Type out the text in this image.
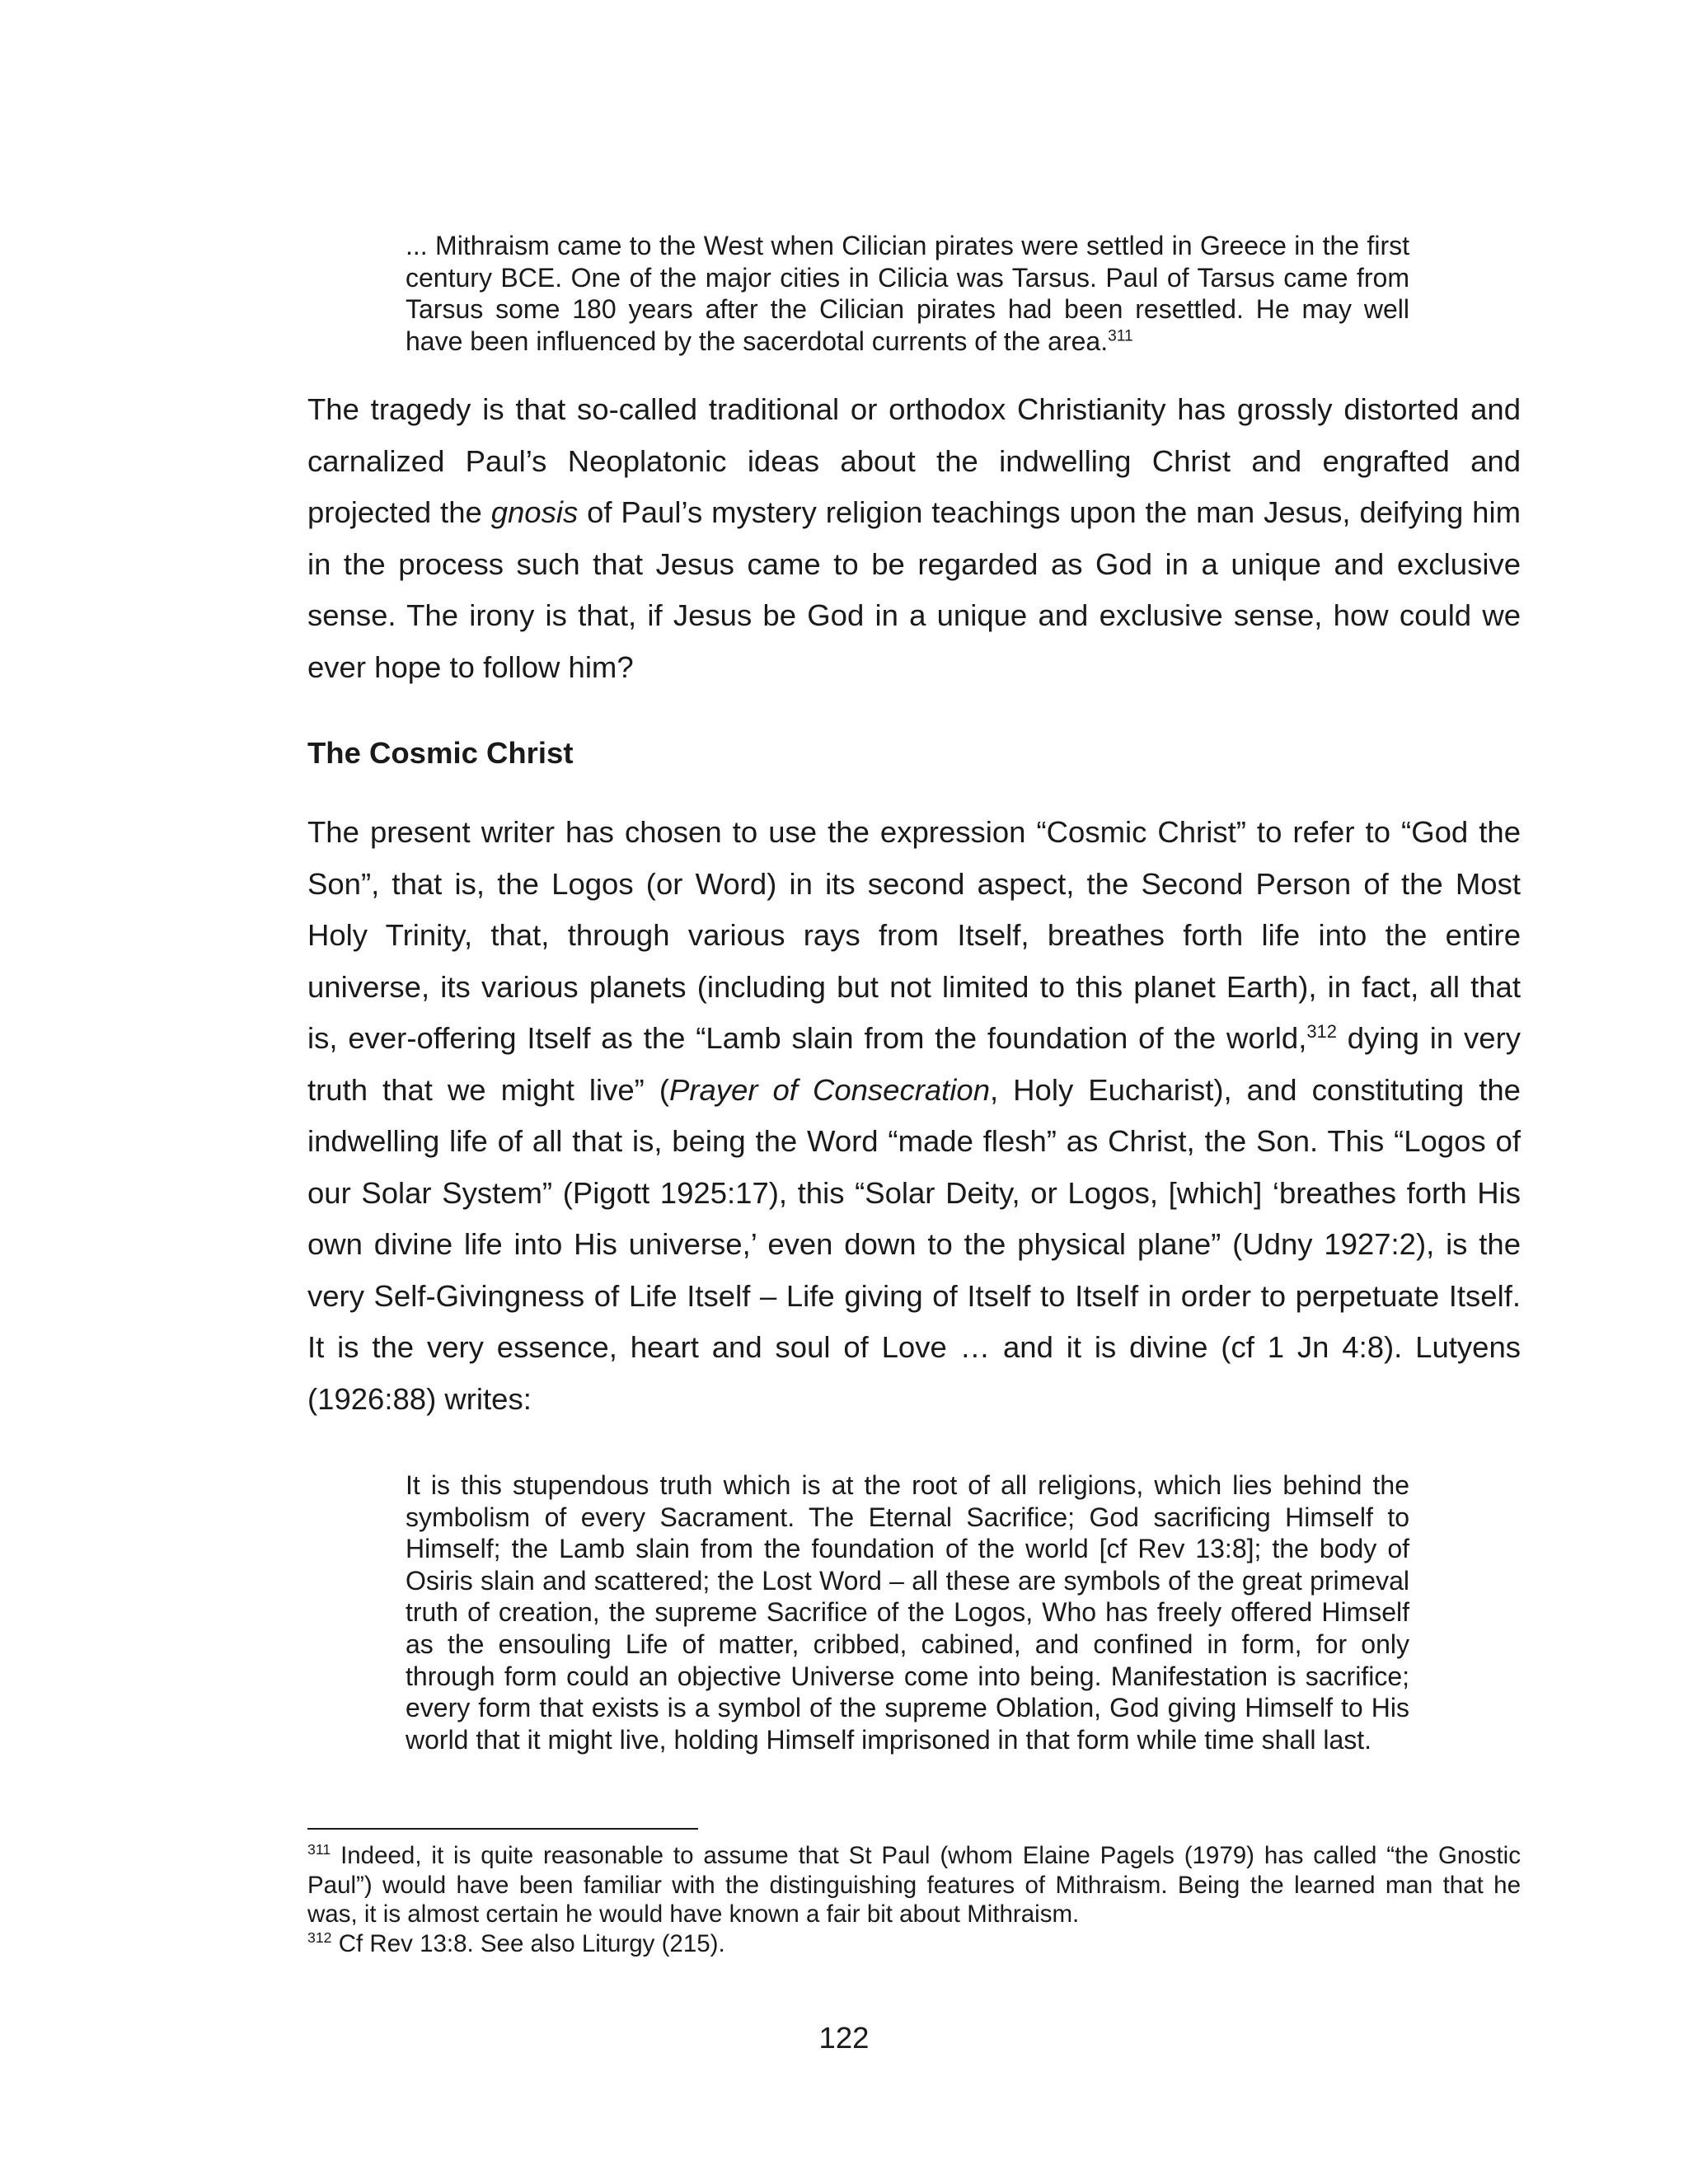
... Mithraism came to the West when Cilician pirates were settled in Greece in the first century BCE. One of the major cities in Cilicia was Tarsus. Paul of Tarsus came from Tarsus some 180 years after the Cilician pirates had been resettled. He may well have been influenced by the sacerdotal currents of the area.$^{311}$

The tragedy is that so-called traditional or orthodox Christianity has grossly distorted and carnalized Paul’s Neoplatonic ideas about the indwelling Christ and engrafted and projected the gnosis of Paul’s mystery religion teachings upon the man Jesus, deifying him in the process such that Jesus came to be regarded as God in a unique and exclusive sense. The irony is that, if Jesus be God in a unique and exclusive sense, how could we ever hope to follow him?

The Cosmic Christ

The present writer has chosen to use the expression “Cosmic Christ” to refer to “God the Son”, that is, the Logos (or Word) in its second aspect, the Second Person of the Most Holy Trinity, that, through various rays from Itself, breathes forth life into the entire universe, its various planets (including but not limited to this planet Earth), in fact, all that is, ever-offering Itself as the “Lamb slain from the foundation of the world,$^{312}$ dying in very truth that we might live” (Prayer of Consecration, Holy Eucharist), and constituting the indwelling life of all that is, being the Word “made flesh” as Christ, the Son. This “Logos of our Solar System” (Pigott 1925:17), this “Solar Deity, or Logos, [which] ‘breathes forth His own divine life into His universe,’ even down to the physical plane” (Udny 1927:2), is the very Self-Givingness of Life Itself – Life giving of Itself to Itself in order to perpetuate Itself. It is the very essence, heart and soul of Love … and it is divine (cf 1 Jn 4:8). Lutyens (1926:88) writes:

It is this stupendous truth which is at the root of all religions, which lies behind the symbolism of every Sacrament. The Eternal Sacrifice; God sacrificing Himself to Himself; the Lamb slain from the foundation of the world [cf Rev 13:8]; the body of Osiris slain and scattered; the Lost Word – all these are symbols of the great primeval truth of creation, the supreme Sacrifice of the Logos, Who has freely offered Himself as the ensouling Life of matter, cribbed, cabined, and confined in form, for only through form could an objective Universe come into being. Manifestation is sacrifice; every form that exists is a symbol of the supreme Oblation, God giving Himself to His world that it might live, holding Himself imprisoned in that form while time shall last.

$^{311}$ Indeed, it is quite reasonable to assume that St Paul (whom Elaine Pagels (1979) has called “the Gnostic Paul”) would have been familiar with the distinguishing features of Mithraism. Being the learned man that he was, it is almost certain he would have known a fair bit about Mithraism.

$^{312}$ Cf Rev 13:8. See also Liturgy (215).

122
